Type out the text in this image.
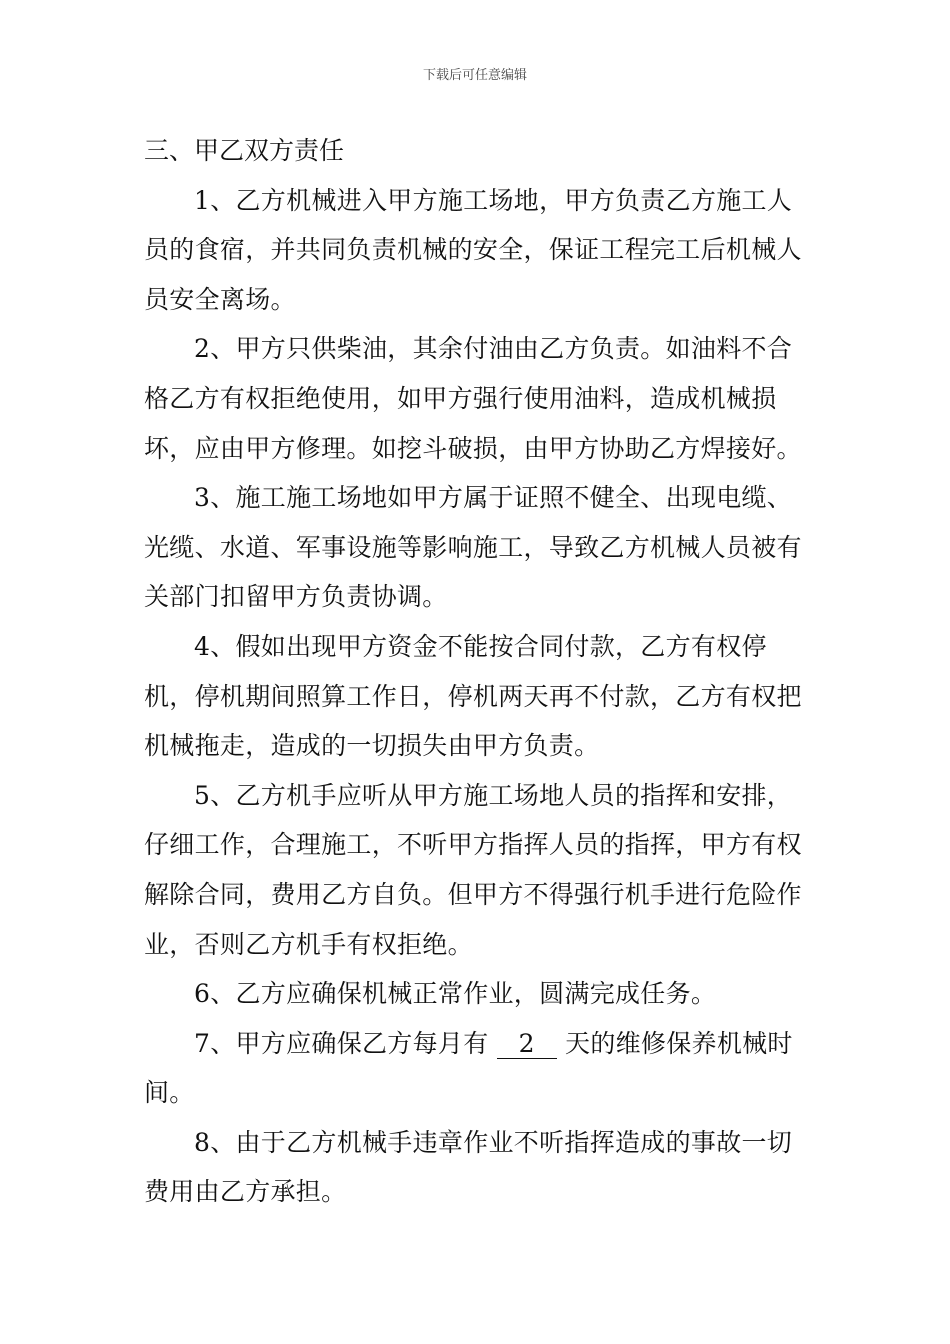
下载后可任意编辑

三、甲乙双方责任

1、乙方机械进入甲方施工场地，甲方负责乙方施工人员的食宿，并共同负责机械的安全，保证工程完工后机械人员安全离场。

2、甲方只供柴油，其余付油由乙方负责。如油料不合格乙方有权拒绝使用，如甲方强行使用油料，造成机械损坏，应由甲方修理。如挖斗破损，由甲方协助乙方焊接好。

3、施工施工场地如甲方属于证照不健全、出现电缆、光缆、水道、军事设施等影响施工，导致乙方机械人员被有关部门扣留甲方负责协调。

4、假如出现甲方资金不能按合同付款，乙方有权停机，停机期间照算工作日，停机两天再不付款，乙方有权把机械拖走，造成的一切损失由甲方负责。

5、乙方机手应听从甲方施工场地人员的指挥和安排，仔细工作，合理施工，不听甲方指挥人员的指挥，甲方有权解除合同，费用乙方自负。但甲方不得强行机手进行危险作业，否则乙方机手有权拒绝。

6、乙方应确保机械正常作业，圆满完成任务。

7、甲方应确保乙方每月有 2 天的维修保养机械时间。

8、由于乙方机械手违章作业不听指挥造成的事故一切费用由乙方承担。
